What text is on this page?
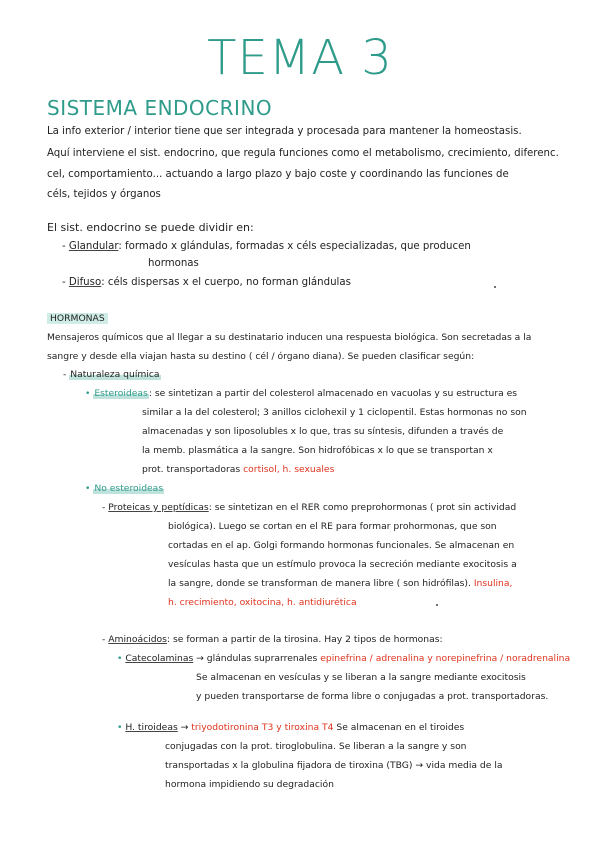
TEMA 3
SISTEMA ENDOCRINO
La info exterior / interior tiene que ser integrada y procesada para mantener la homeostasis.
Aquí interviene el sist. endocrino, que regula funciones como el metabolismo, crecimiento, diferenc.
cel, comportamiento... actuando a largo plazo y bajo coste y coordinando las funciones de
céls, tejidos y órganos
El sist. endocrino se puede dividir en:
- Glandular: formado x glándulas, formadas x céls especializadas, que producen
hormonas
- Difuso: céls dispersas x el cuerpo, no forman glándulas
HORMONAS
Mensajeros químicos que al llegar a su destinatario inducen una respuesta biológica. Son secretadas a la
sangre y desde ella viajan hasta su destino ( cél / órgano diana). Se pueden clasificar según:
- Naturaleza química
• Esteroideas: se sintetizan a partir del colesterol almacenado en vacuolas y su estructura es
similar a la del colesterol; 3 anillos ciclohexil y 1 ciclopentil. Estas hormonas no son
almacenadas y son liposolubles x lo que, tras su síntesis, difunden a través de
la memb. plasmática a la sangre. Son hidrofóbicas x lo que se transportan x
prot. transportadoras cortisol, h. sexuales
• No esteroideas
- Proteicas y peptídicas: se sintetizan en el RER como preprohormonas ( prot sin actividad
biológica). Luego se cortan en el RE para formar prohormonas, que son
cortadas en el ap. Golgi formando hormonas funcionales. Se almacenan en
vesículas hasta que un estímulo provoca la secreción mediante exocitosis a
la sangre, donde se transforman de manera libre ( son hidrófilas). Insulina,
h. crecimiento, oxitocina, h. antidiurética
- Aminoácidos: se forman a partir de la tirosina. Hay 2 tipos de hormonas:
• Catecolaminas → glándulas suprarrenales epinefrina / adrenalina y norepinefrina / noradrenalina
Se almacenan en vesículas y se liberan a la sangre mediante exocitosis
y pueden transportarse de forma libre o conjugadas a prot. transportadoras.
• H. tiroideas → triyodotironina T3 y tiroxina T4 Se almacenan en el tiroides
conjugadas con la prot. tiroglobulina. Se liberan a la sangre y son
transportadas x la globulina fijadora de tiroxina (TBG) → vida media de la
hormona impidiendo su degradación
